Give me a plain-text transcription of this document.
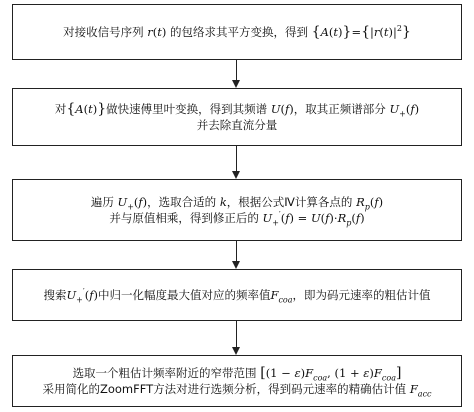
对接收信号序列 r(t) 的包络求其平方变换，得到 $\{A(t)\}=\{|r(t)|^2\}$
对{A(t)}做快速傅里叶变换，得到其频谱 U(f)，取其正频谱部分 $U_+(f)$
并去除直流分量
遍历 $U_+(f)$，选取合适的 k，根据公式Ⅳ计算各点的 $R_p(f)$
并与原值相乘，得到修正后的 $U_+'(f) = U(f)\cdot R_p(f)$
搜索$U_+'(f)$中归一化幅度最大值对应的频率值$F_{coa}$，即为码元速率的粗估计值
选取一个粗估计频率附近的窄带范围 [$(1 - \varepsilon)F_{coa}$, $(1 + \varepsilon)F_{coa}$]
采用简化的ZoomFFT方法对进行选频分析，得到码元速率的精确估计值 $F_{acc}$
